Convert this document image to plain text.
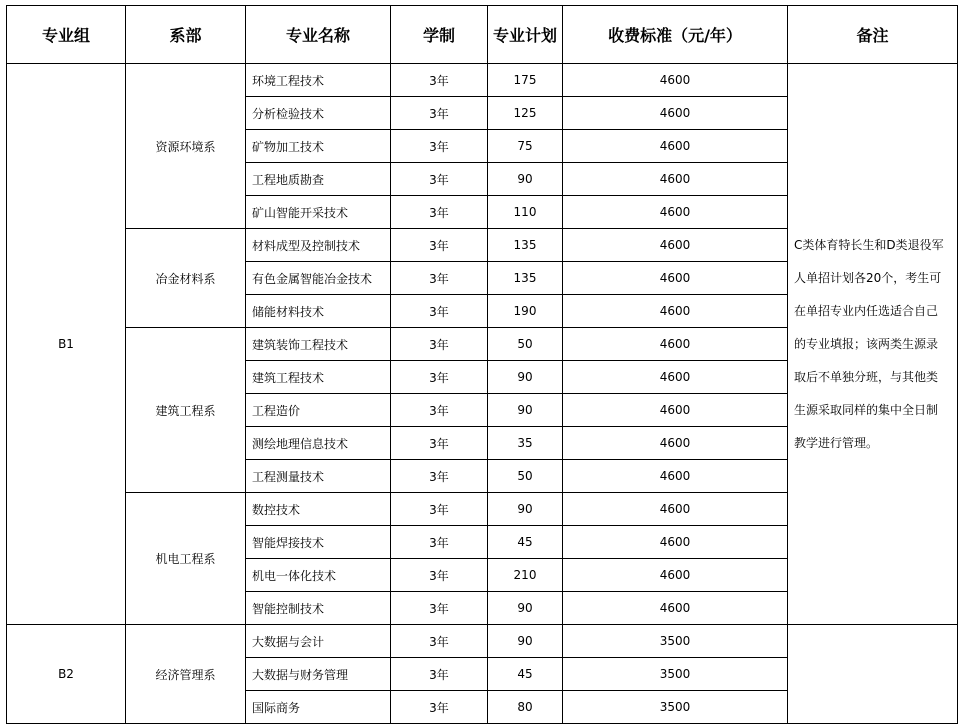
专业组	系部	专业名称	学制	专业计划	收费标准（元/年）	备注
B1	资源环境系	环境工程技术	3年	175	4600	C类体育特长生和D类退役军人单招计划各20个，考生可在单招专业内任选适合自己的专业填报；该两类生源录取后不单独分班，与其他类生源采取同样的集中全日制教学进行管理。
		分析检验技术	3年	125	4600	
		矿物加工技术	3年	75	4600	
		工程地质勘查	3年	90	4600	
		矿山智能开采技术	3年	110	4600	
	冶金材料系	材料成型及控制技术	3年	135	4600	
		有色金属智能冶金技术	3年	135	4600	
		储能材料技术	3年	190	4600	
	建筑工程系	建筑装饰工程技术	3年	50	4600	
		建筑工程技术	3年	90	4600	
		工程造价	3年	90	4600	
		测绘地理信息技术	3年	35	4600	
		工程测量技术	3年	50	4600	
	机电工程系	数控技术	3年	90	4600	
		智能焊接技术	3年	45	4600	
		机电一体化技术	3年	210	4600	
		智能控制技术	3年	90	4600	
B2	经济管理系	大数据与会计	3年	90	3500	
		大数据与财务管理	3年	45	3500	
		国际商务	3年	80	3500	
